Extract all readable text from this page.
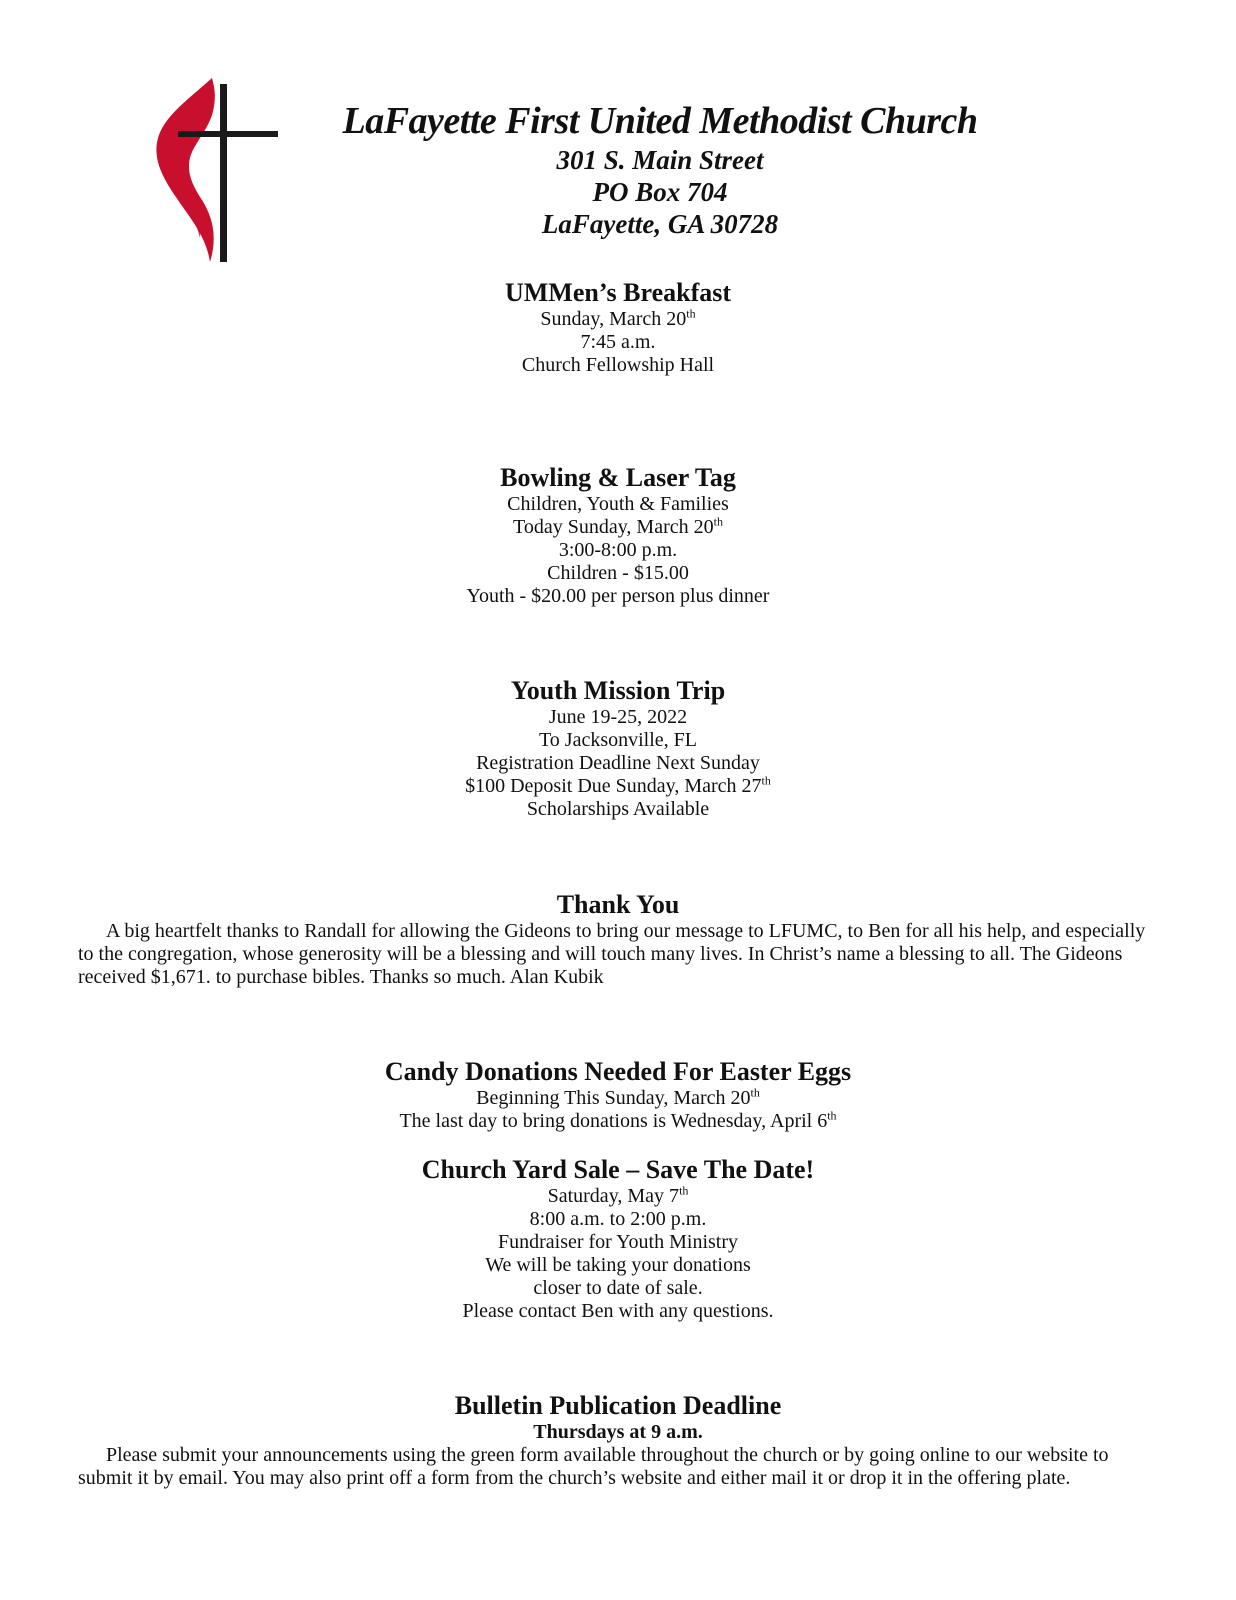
LaFayette First United Methodist Church
301 S. Main Street
PO Box 704
LaFayette, GA 30728
UMMen’s Breakfast
Sunday, March 20th
7:45 a.m.
Church Fellowship Hall
Bowling & Laser Tag
Children, Youth & Families
Today Sunday, March 20th
3:00-8:00 p.m.
Children - $15.00
Youth - $20.00 per person plus dinner
Youth Mission Trip
June 19-25, 2022
To Jacksonville, FL
Registration Deadline Next Sunday
$100 Deposit Due Sunday, March 27th
Scholarships Available
Thank You
A big heartfelt thanks to Randall for allowing the Gideons to bring our message to LFUMC, to Ben for all his help, and especially to the congregation, whose generosity will be a blessing and will touch many lives. In Christ’s name a blessing to all. The Gideons received $1,671. to purchase bibles. Thanks so much. Alan Kubik
Candy Donations Needed For Easter Eggs
Beginning This Sunday, March 20th
The last day to bring donations is Wednesday, April 6th
Church Yard Sale – Save The Date!
Saturday, May 7th
8:00 a.m. to 2:00 p.m.
Fundraiser for Youth Ministry
We will be taking your donations
closer to date of sale.
Please contact Ben with any questions.
Bulletin Publication Deadline
Thursdays at 9 a.m.
Please submit your announcements using the green form available throughout the church or by going online to our website to submit it by email. You may also print off a form from the church’s website and either mail it or drop it in the offering plate.
